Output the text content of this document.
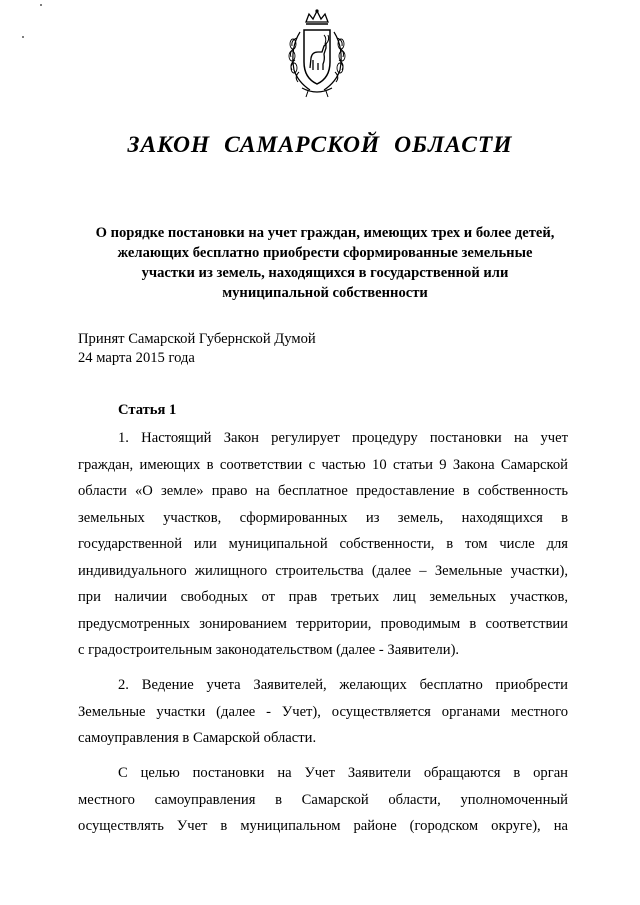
ЗАКОН САМАРСКОЙ ОБЛАСТИ
О порядке постановки на учет граждан, имеющих трех и более детей,
желающих бесплатно приобрести сформированные земельные
участки из земель, находящихся в государственной или
муниципальной собственности
Принят Самарской Губернской Думой
24 марта 2015 года
Статья 1
1. Настоящий Закон регулирует процедуру постановки на учет
граждан, имеющих в соответствии с частью 10 статьи 9 Закона Самарской
области «О земле» право на бесплатное предоставление в собственность
земельных участков, сформированных из земель, находящихся в
государственной или муниципальной собственности, в том числе для
индивидуального жилищного строительства (далее – Земельные участки),
при наличии свободных от прав третьих лиц земельных участков,
предусмотренных зонированием территории, проводимым в соответствии
с градостроительным законодательством (далее - Заявители).
2. Ведение учета Заявителей, желающих бесплатно приобрести
Земельные участки (далее - Учет), осуществляется органами местного
самоуправления в Самарской области.
С целью постановки на Учет Заявители обращаются в орган
местного самоуправления в Самарской области, уполномоченный
осуществлять Учет в муниципальном районе (городском округе), на
